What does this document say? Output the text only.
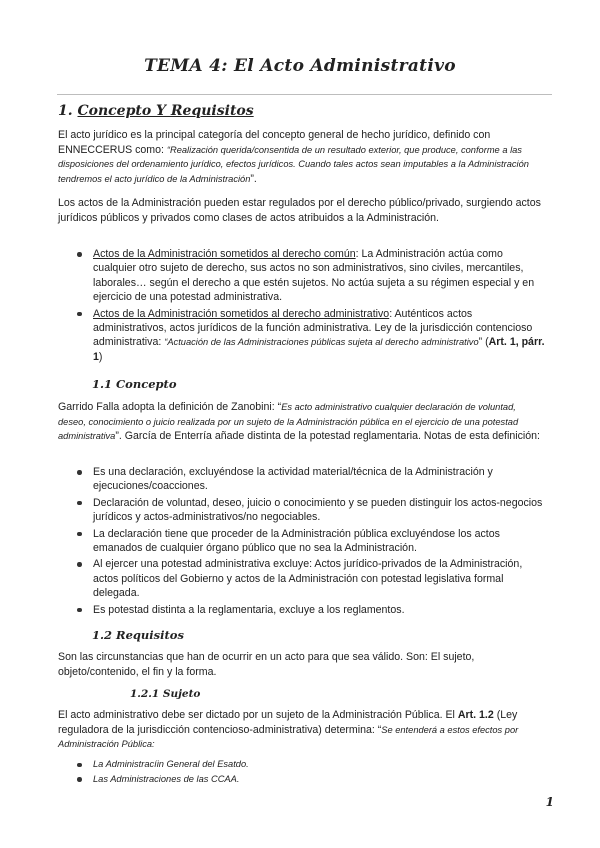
TEMA 4: El Acto Administrativo
1. Concepto Y Requisitos
El acto jurídico es la principal categoría del concepto general de hecho jurídico, definido con ENNECCERUS como: “Realización querida/consentida de un resultado exterior, que produce, conforme a las disposiciones del ordenamiento jurídico, efectos jurídicos. Cuando tales actos sean imputables a la Administración tendremos el acto jurídico de la Administración”.
Los actos de la Administración pueden estar regulados por el derecho público/privado, surgiendo actos jurídicos públicos y privados como clases de actos atribuidos a la Administración.
Actos de la Administración sometidos al derecho común: La Administración actúa como cualquier otro sujeto de derecho, sus actos no son administrativos, sino civiles, mercantiles, laborales… según el derecho a que estén sujetos. No actúa sujeta a su régimen especial y en ejercicio de una potestad administrativa.
Actos de la Administración sometidos al derecho administrativo: Auténticos actos administrativos, actos jurídicos de la función administrativa. Ley de la jurisdicción contencioso administrativa: “Actuación de las Administraciones públicas sujeta al derecho administrativo” (Art. 1, párr. 1)
1.1 Concepto
Garrido Falla adopta la definición de Zanobini: “Es acto administrativo cualquier declaración de voluntad, deseo, conocimiento o juicio realizada por un sujeto de la Administración pública en el ejercicio de una potestad administrativa”. García de Enterría añade distinta de la potestad reglamentaria. Notas de esta definición:
Es una declaración, excluyéndose la actividad material/técnica de la Administración y ejecuciones/coacciones.
Declaración de voluntad, deseo, juicio o conocimiento y se pueden distinguir los actos-negocios jurídicos y actos-administrativos/no negociables.
La declaración tiene que proceder de la Administración pública excluyéndose los actos emanados de cualquier órgano público que no sea la Administración.
Al ejercer una potestad administrativa excluye: Actos jurídico-privados de la Administración, actos políticos del Gobierno y actos de la Administración con potestad legislativa formal delegada.
Es potestad distinta a la reglamentaria, excluye a los reglamentos.
1.2 Requisitos
Son las circunstancias que han de ocurrir en un acto para que sea válido. Son: El sujeto, objeto/contenido, el fin y la forma.
1.2.1 Sujeto
El acto administrativo debe ser dictado por un sujeto de la Administración Pública. El Art. 1.2 (Ley reguladora de la jurisdicción contencioso-administrativa) determina: “Se entenderá a estos efectos por Administración Pública:
La Administracíin General del Esatdo.
Las Administraciones de las CCAA.
1
